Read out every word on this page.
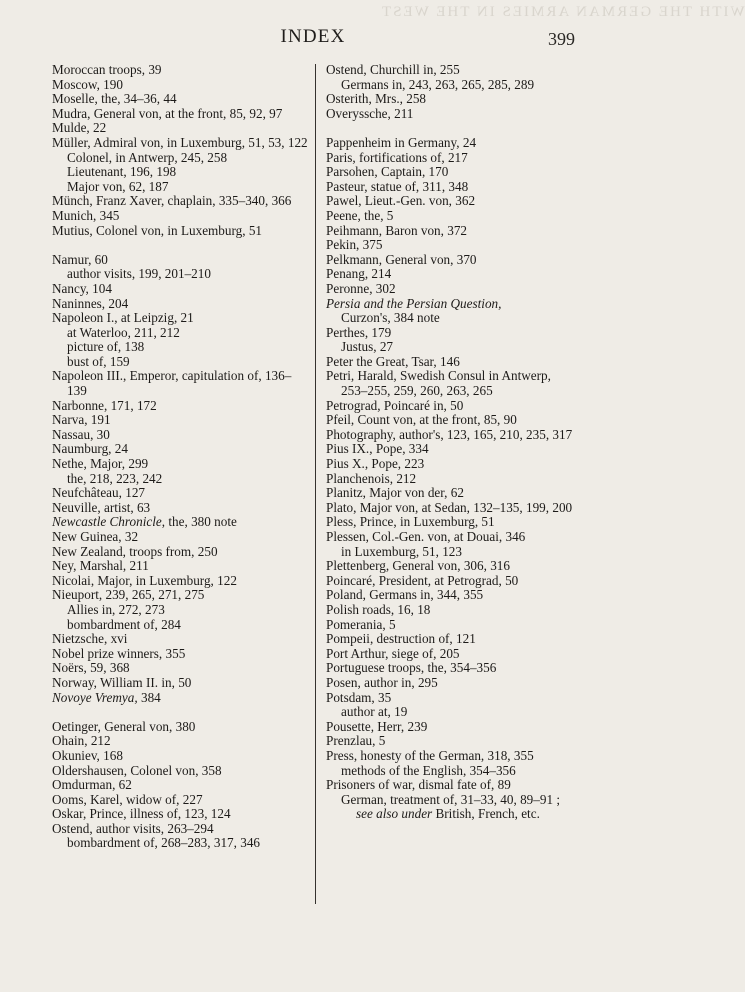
WITH THE GERMAN ARMIES IN THE WEST
INDEX	399
Moroccan troops, 39
Moscow, 190
Moselle, the, 34–36, 44
Mudra, General von, at the front, 85, 92, 97
Mulde, 22
Müller, Admiral von, in Luxemburg, 51, 53, 122
Colonel, in Antwerp, 245, 258
Lieutenant, 196, 198
Major von, 62, 187
Münch, Franz Xaver, chaplain, 335–340, 366
Munich, 345
Mutius, Colonel von, in Luxemburg, 51
Namur, 60
author visits, 199, 201–210
Nancy, 104
Naninnes, 204
Napoleon I., at Leipzig, 21
at Waterloo, 211, 212
picture of, 138
bust of, 159
Napoleon III., Emperor, capitulation of, 136–139
Narbonne, 171, 172
Narva, 191
Nassau, 30
Naumburg, 24
Nethe, Major, 299
the, 218, 223, 242
Neufchâteau, 127
Neuville, artist, 63
Newcastle Chronicle, the, 380 note
New Guinea, 32
New Zealand, troops from, 250
Ney, Marshal, 211
Nicolai, Major, in Luxemburg, 122
Nieuport, 239, 265, 271, 275
Allies in, 272, 273
bombardment of, 284
Nietzsche, xvi
Nobel prize winners, 355
Noërs, 59, 368
Norway, William II. in, 50
Novoye Vremya, 384
Oetinger, General von, 380
Ohain, 212
Okuniev, 168
Oldershausen, Colonel von, 358
Omdurman, 62
Ooms, Karel, widow of, 227
Oskar, Prince, illness of, 123, 124
Ostend, author visits, 263–294
bombardment of, 268–283, 317, 346
Ostend, Churchill in, 255
Germans in, 243, 263, 265, 285, 289
Osterith, Mrs., 258
Overyssche, 211
Pappenheim in Germany, 24
Paris, fortifications of, 217
Parsohen, Captain, 170
Pasteur, statue of, 311, 348
Pawel, Lieut.-Gen. von, 362
Peene, the, 5
Peihmann, Baron von, 372
Pekin, 375
Pelkmann, General von, 370
Penang, 214
Peronne, 302
Persia and the Persian Question,
Curzon's, 384 note
Perthes, 179
Justus, 27
Peter the Great, Tsar, 146
Petri, Harald, Swedish Consul in Antwerp, 253–255, 259, 260, 263, 265
Petrograd, Poincaré in, 50
Pfeil, Count von, at the front, 85, 90
Photography, author's, 123, 165, 210, 235, 317
Pius IX., Pope, 334
Pius X., Pope, 223
Planchenois, 212
Planitz, Major von der, 62
Plato, Major von, at Sedan, 132–135, 199, 200
Pless, Prince, in Luxemburg, 51
Plessen, Col.-Gen. von, at Douai, 346
in Luxemburg, 51, 123
Plettenberg, General von, 306, 316
Poincaré, President, at Petrograd, 50
Poland, Germans in, 344, 355
Polish roads, 16, 18
Pomerania, 5
Pompeii, destruction of, 121
Port Arthur, siege of, 205
Portuguese troops, the, 354–356
Posen, author in, 295
Potsdam, 35
author at, 19
Pousette, Herr, 239
Prenzlau, 5
Press, honesty of the German, 318, 355
methods of the English, 354–356
Prisoners of war, dismal fate of, 89
German, treatment of, 31–33, 40, 89–91 ; see also under British, French, etc.
